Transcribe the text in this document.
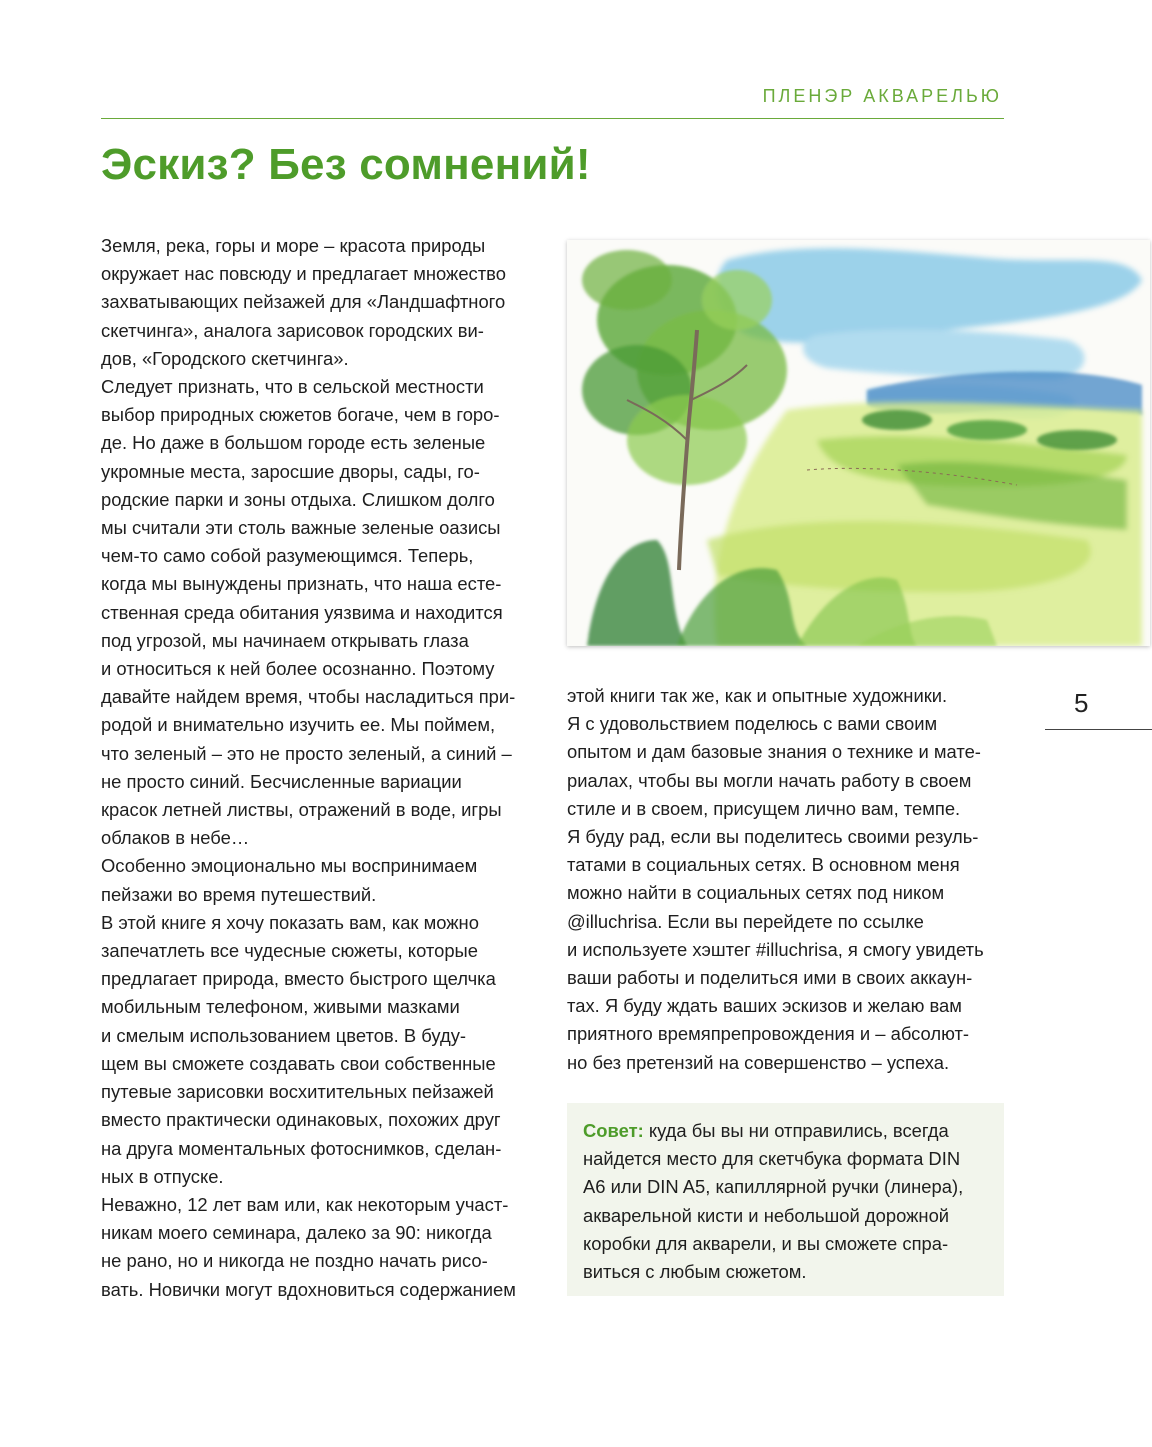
ПЛЕНЭР АКВАРЕЛЬЮ
Эскиз? Без сомнений!
Земля, река, горы и море – красота природы
окружает нас повсюду и предлагает множество
захватывающих пейзажей для «Ландшафтного
скетчинга», аналога зарисовок городских ви-
дов, «Городского скетчинга».
Следует признать, что в сельской местности
выбор природных сюжетов богаче, чем в горо-
де. Но даже в большом городе есть зеленые
укромные места, заросшие дворы, сады, го-
родские парки и зоны отдыха. Слишком долго
мы считали эти столь важные зеленые оазисы
чем-то само собой разумеющимся. Теперь,
когда мы вынуждены признать, что наша есте-
ственная среда обитания уязвима и находится
под угрозой, мы начинаем открывать глаза
и относиться к ней более осознанно. Поэтому
давайте найдем время, чтобы насладиться при-
родой и внимательно изучить ее. Мы поймем,
что зеленый – это не просто зеленый, а синий –
не просто синий. Бесчисленные вариации
красок летней листвы, отражений в воде, игры
облаков в небе…
Особенно эмоционально мы воспринимаем
пейзажи во время путешествий.
В этой книге я хочу показать вам, как можно
запечатлеть все чудесные сюжеты, которые
предлагает природа, вместо быстрого щелчка
мобильным телефоном, живыми мазками
и смелым использованием цветов. В буду-
щем вы сможете создавать свои собственные
путевые зарисовки восхитительных пейзажей
вместо практически одинаковых, похожих друг
на друга моментальных фотоснимков, сделан-
ных в отпуске.
Неважно, 12 лет вам или, как некоторым участ-
никам моего семинара, далеко за 90: никогда
не рано, но и никогда не поздно начать рисо-
вать. Новички могут вдохновиться содержанием
5
этой книги так же, как и опытные художники.
Я с удовольствием поделюсь с вами своим
опытом и дам базовые знания о технике и мате-
риалах, чтобы вы могли начать работу в своем
стиле и в своем, присущем лично вам, темпе.
Я буду рад, если вы поделитесь своими резуль-
татами в социальных сетях. В основном меня
можно найти в социальных сетях под ником
@illuchrisa. Если вы перейдете по ссылке
и используете хэштег #illuchrisa, я смогу увидеть
ваши работы и поделиться ими в своих аккаун-
тах. Я буду ждать ваших эскизов и желаю вам
приятного времяпрепровождения и – абсолют-
но без претензий на совершенство – успеха.
Совет: куда бы вы ни отправились, всегда
найдется место для скетчбука формата DIN
A6 или DIN A5, капиллярной ручки (линера),
акварельной кисти и небольшой дорожной
коробки для акварели, и вы сможете спра-
виться с любым сюжетом.
